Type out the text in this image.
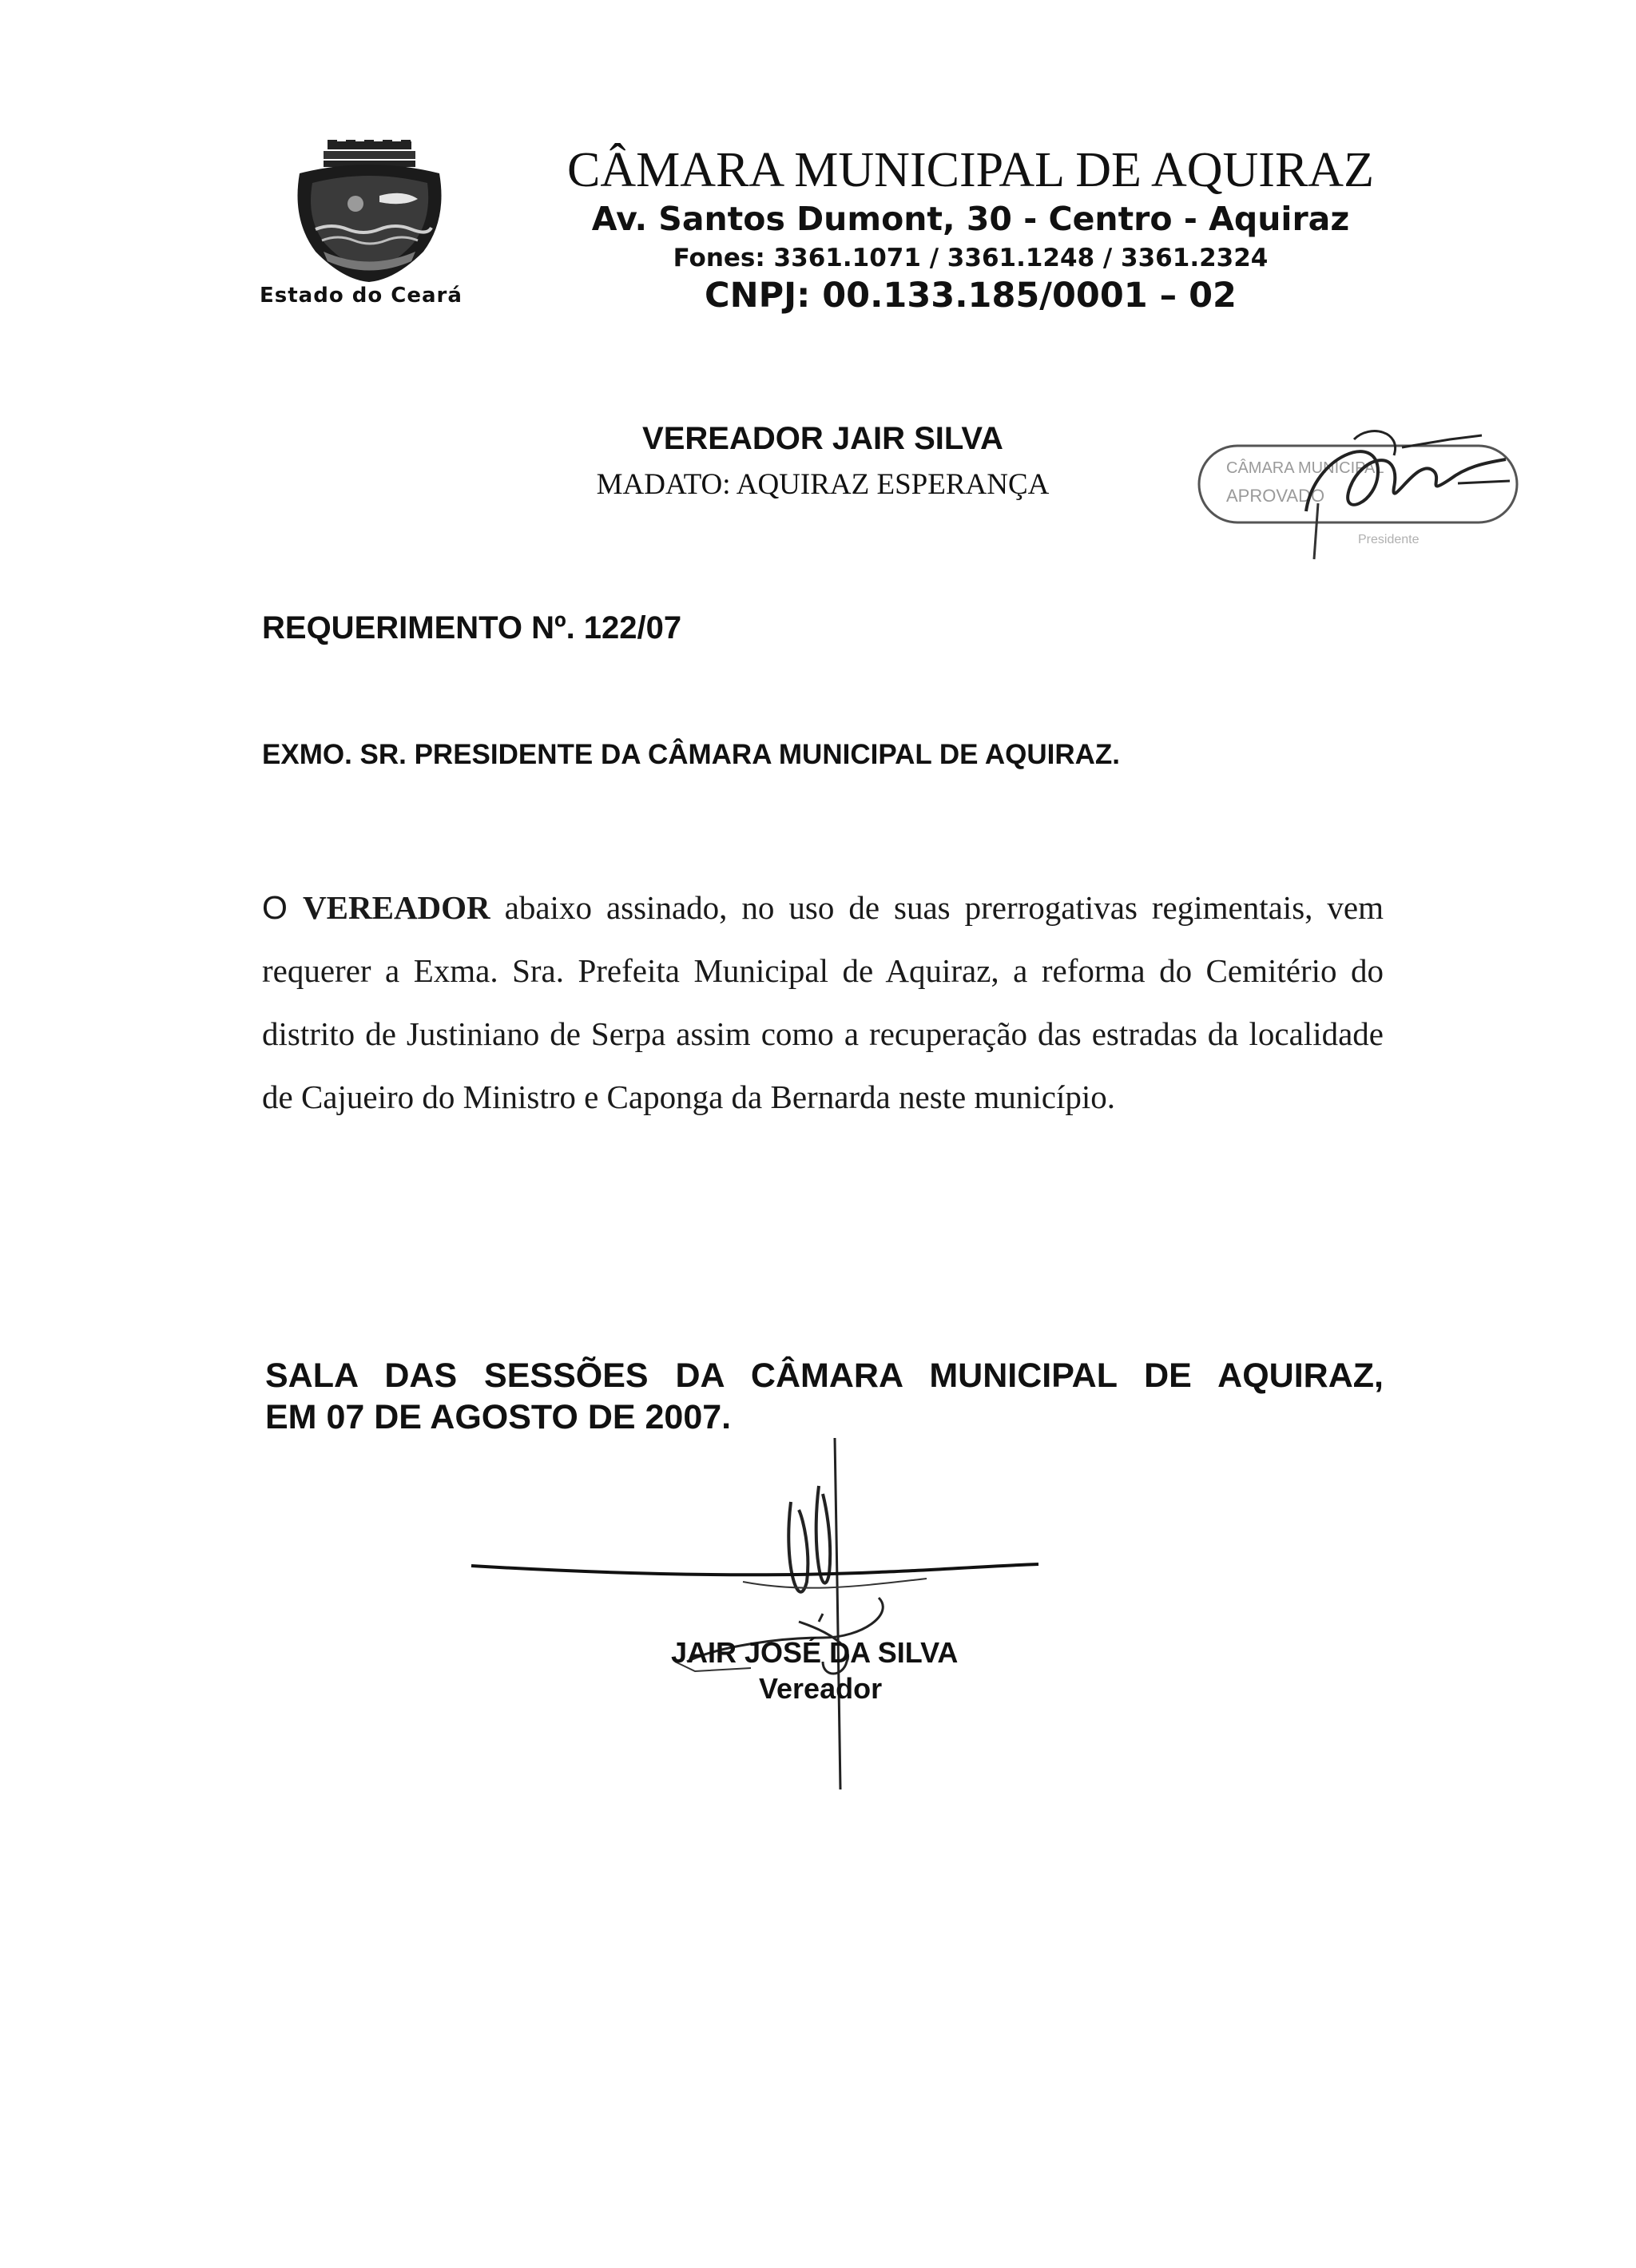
Estado do Ceará
CÂMARA MUNICIPAL DE AQUIRAZ
Av. Santos Dumont, 30 - Centro - Aquiraz
Fones: 3361.1071 / 3361.1248 / 3361.2324
CNPJ: 00.133.185/0001 – 02
VEREADOR JAIR SILVA
MADATO: AQUIRAZ ESPERANÇA	CÂMARA MUNICIPAL
APROVADO
Presidente
REQUERIMENTO Nº. 122/07
EXMO. SR. PRESIDENTE DA CÂMARA MUNICIPAL DE AQUIRAZ.
O VEREADOR abaixo assinado, no uso de suas prerrogativas regimentais, vem requerer a Exma. Sra. Prefeita Municipal de Aquiraz, a reforma do Cemitério do distrito de Justiniano de Serpa assim como a recuperação das estradas da localidade de Cajueiro do Ministro e Caponga da Bernarda neste município.
SALA DAS SESSÕES DA CÂMARA MUNICIPAL DE AQUIRAZ,
EM 07 DE AGOSTO DE 2007.
JAIR JOSÉ DA SILVA
Vereador
